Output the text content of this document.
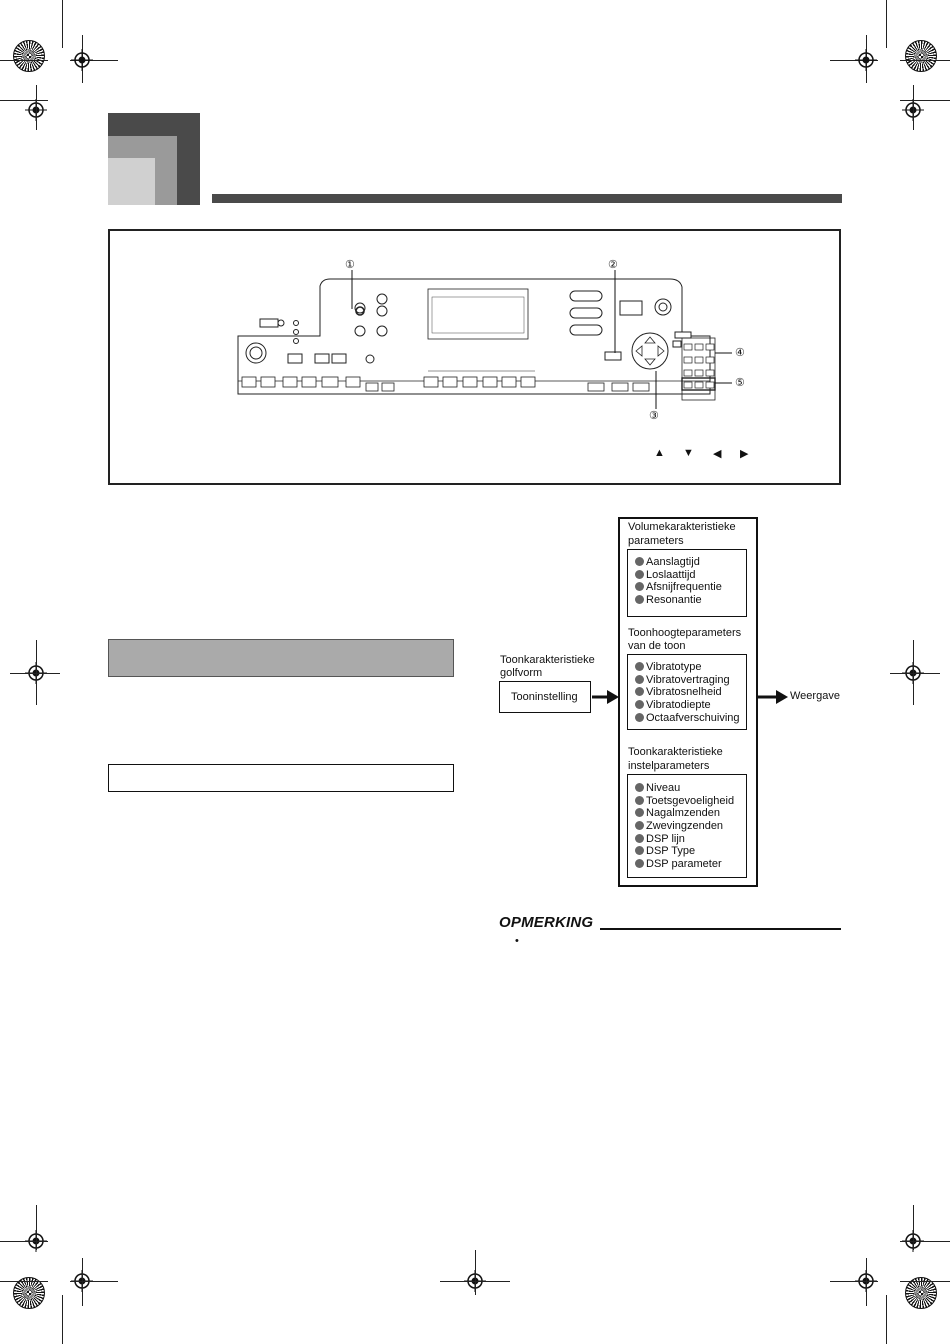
①	②
③
④
⑤
▲ ▼ ◀ ▶
Toonkarakteristieke
golfvorm
Tooninstelling	Weergave
Volumekarakteristieke
parameters
Aanslagtijd
Loslaattijd
Afsnijfrequentie
Resonantie
Toonhoogteparameters
van de toon
Vibratotype
Vibratovertraging
Vibratosnelheid
Vibratodiepte
Octaafverschuiving
Toonkarakteristieke
instelparameters
Niveau
Toetsgevoeligheid
Nagalmzenden
Zwevingzenden
DSP lijn
DSP Type
DSP parameter
OPMERKING
•
